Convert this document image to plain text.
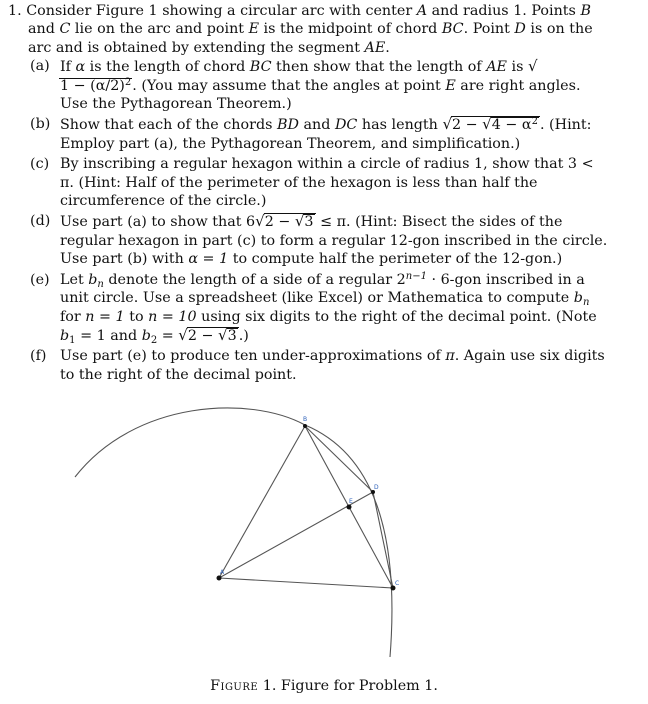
1. Consider Figure 1 showing a circular arc with center A and radius 1. Points B and C lie on the arc and point E is the midpoint of chord BC. Point D is on the arc and is obtained by extending the segment AE.

(a) If α is the length of chord BC then show that the length of AE is $√1 - (\alpha/2)^2$. (You may assume that the angles at point E are right angles. Use the Pythagorean Theorem.)
(b) Show that each of the chords BD and DC has length $√2 - √4 - \alpha^2$ . (Hint: Employ part (a), the Pythagorean Theorem, and simplification.)
(c) By inscribing a regular hexagon within a circle of radius 1, show that 3 < π. (Hint: Half of the perimeter of the hexagon is less than half the circumference of the circle.)
(d) Use part (a) to show that 6√2 − √3 ≤ π. (Hint: Bisect the sides of the regular hexagon in part (c) to form a regular 12-gon inscribed in the circle. Use part (b) with α = 1 to compute half the perimeter of the 12-gon.)
(e) Let $b_n$ denote the length of a side of a regular $2^{n-1} \cdot 6-gon$ inscribed in a unit circle. Use a spreadsheet (like Excel) or Mathematica to compute $b_n$ for n = 1 to n = 10 using six digits to the right of the decimal point. (Note $b_1 = 1$ and $b_2 = √2 - √3$ .)
(f) Use part (e) to produce ten under-approximations of π. Again use six digits to the right of the decimal point.
A
B
C
D
E
Figure 1. Figure for Problem 1.
